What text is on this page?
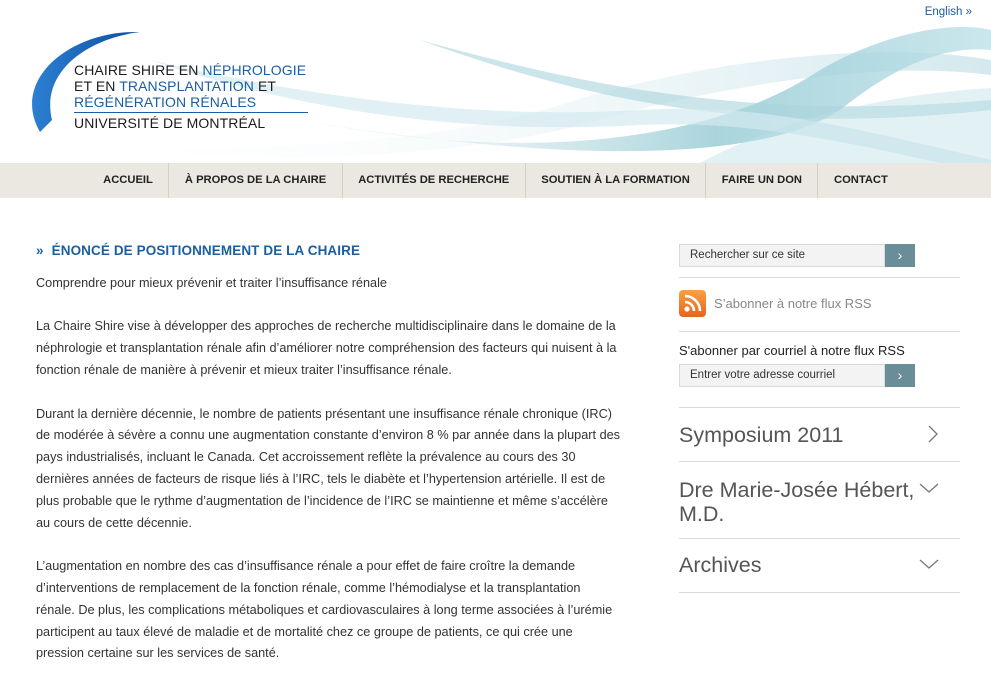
English »
CHAIRE SHIRE EN NÉPHROLOGIE
ET EN TRANSPLANTATION ET
RÉGÉNÉRATION RÉNALES
UNIVERSITÉ DE MONTRÉAL
ACCUEIL	À PROPOS DE LA CHAIRE	ACTIVITÉS DE RECHERCHE	SOUTIEN À LA FORMATION	FAIRE UN DON	CONTACT
» ÉNONCÉ DE POSITIONNEMENT DE LA CHAIRE

Comprendre pour mieux prévenir et traiter l’insuffisance rénale

La Chaire Shire vise à développer des approches de recherche multidisciplinaire dans le domaine de la néphrologie et transplantation rénale afin d’améliorer notre compréhension des facteurs qui nuisent à la fonction rénale de manière à prévenir et mieux traiter l’insuffisance rénale.

Durant la dernière décennie, le nombre de patients présentant une insuffisance rénale chronique (IRC) de modérée à sévère a connu une augmentation constante d’environ 8 % par année dans la plupart des pays industrialisés, incluant le Canada. Cet accroissement reflète la prévalence au cours des 30 dernières années de facteurs de risque liés à l’IRC, tels le diabète et l’hypertension artérielle. Il est de plus probable que le rythme d’augmentation de l’incidence de l’IRC se maintienne et même s’accélère au cours de cette décennie.

L’augmentation en nombre des cas d’insuffisance rénale a pour effet de faire croître la demande d’interventions de remplacement de la fonction rénale, comme l’hémodialyse et la transplantation rénale. De plus, les complications métaboliques et cardiovasculaires à long terme associées à l’urémie participent au taux élevé de maladie et de mortalité chez ce groupe de patients, ce qui crée une pression certaine sur les services de santé.

Rechercher sur ce site
›
S’abonner à notre flux RSS

S'abonner par courriel à notre flux RSS

Entrer votre adresse courriel
›
Symposium 2011
Dre Marie-Josée Hébert, M.D.
Archives
